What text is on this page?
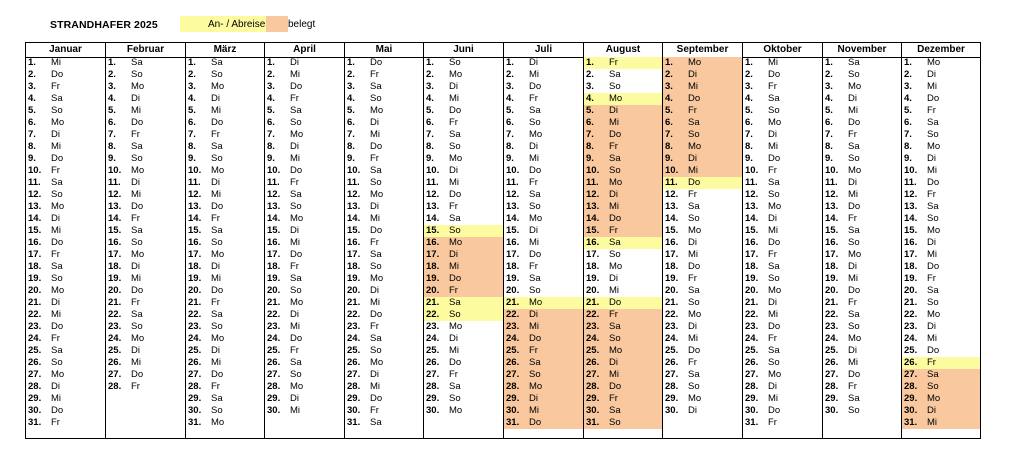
STRANDHAFER 2025	An- / Abreise belegt
Januar
1. Mi
2. Do
3. Fr
4. Sa
5. So
6. Mo
7. Di
8. Mi
9. Do
10. Fr
11. Sa
12. So
13. Mo
14. Di
15. Mi
16. Do
17. Fr
18. Sa
19. So
20. Mo
21. Di
22. Mi
23. Do
24. Fr
25. Sa
26. So
27. Mo
28. Di
29. Mi
30. Do
31. Fr
Februar
1. Sa
2. So
3. Mo
4. Di
5. Mi
6. Do
7. Fr
8. Sa
9. So
10. Mo
11. Di
12. Mi
13. Do
14. Fr
15. Sa
16. So
17. Mo
18. Di
19. Mi
20. Do
21. Fr
22. Sa
23. So
24. Mo
25. Di
26. Mi
27. Do
28. Fr
März
1. Sa
2. So
3. Mo
4. Di
5. Mi
6. Do
7. Fr
8. Sa
9. So
10. Mo
11. Di
12. Mi
13. Do
14. Fr
15. Sa
16. So
17. Mo
18. Di
19. Mi
20. Do
21. Fr
22. Sa
23. So
24. Mo
25. Di
26. Mi
27. Do
28. Fr
29. Sa
30. So
31. Mo
April
1. Di
2. Mi
3. Do
4. Fr
5. Sa
6. So
7. Mo
8. Di
9. Mi
10. Do
11. Fr
12. Sa
13. So
14. Mo
15. Di
16. Mi
17. Do
18. Fr
19. Sa
20. So
21. Mo
22. Di
23. Mi
24. Do
25. Fr
26. Sa
27. So
28. Mo
29. Di
30. Mi
Mai
1. Do
2. Fr
3. Sa
4. So
5. Mo
6. Di
7. Mi
8. Do
9. Fr
10. Sa
11. So
12. Mo
13. Di
14. Mi
15. Do
16. Fr
17. Sa
18. So
19. Mo
20. Di
21. Mi
22. Do
23. Fr
24. Sa
25. So
26. Mo
27. Di
28. Mi
29. Do
30. Fr
31. Sa
Juni
1. So
2. Mo
3. Di
4. Mi
5. Do
6. Fr
7. Sa
8. So
9. Mo
10. Di
11. Mi
12. Do
13. Fr
14. Sa
15. So
16. Mo
17. Di
18. Mi
19. Do
20. Fr
21. Sa
22. So
23. Mo
24. Di
25. Mi
26. Do
27. Fr
28. Sa
29. So
30. Mo
Juli
1. Di
2. Mi
3. Do
4. Fr
5. Sa
6. So
7. Mo
8. Di
9. Mi
10. Do
11. Fr
12. Sa
13. So
14. Mo
15. Di
16. Mi
17. Do
18. Fr
19. Sa
20. So
21. Mo
22. Di
23. Mi
24. Do
25. Fr
26. Sa
27. So
28. Mo
29. Di
30. Mi
31. Do
August
1. Fr
2. Sa
3. So
4. Mo
5. Di
6. Mi
7. Do
8. Fr
9. Sa
10. So
11. Mo
12. Di
13. Mi
14. Do
15. Fr
16. Sa
17. So
18. Mo
19. Di
20. Mi
21. Do
22. Fr
23. Sa
24. So
25. Mo
26. Di
27. Mi
28. Do
29. Fr
30. Sa
31. So
September
1. Mo
2. Di
3. Mi
4. Do
5. Fr
6. Sa
7. So
8. Mo
9. Di
10. Mi
11. Do
12. Fr
13. Sa
14. So
15. Mo
16. Di
17. Mi
18. Do
19. Fr
20. Sa
21. So
22. Mo
23. Di
24. Mi
25. Do
26. Fr
27. Sa
28. So
29. Mo
30. Di
Oktober
1. Mi
2. Do
3. Fr
4. Sa
5. So
6. Mo
7. Di
8. Mi
9. Do
10. Fr
11. Sa
12. So
13. Mo
14. Di
15. Mi
16. Do
17. Fr
18. Sa
19. So
20. Mo
21. Di
22. Mi
23. Do
24. Fr
25. Sa
26. So
27. Mo
28. Di
29. Mi
30. Do
31. Fr
November
1. Sa
2. So
3. Mo
4. Di
5. Mi
6. Do
7. Fr
8. Sa
9. So
10. Mo
11. Di
12. Mi
13. Do
14. Fr
15. Sa
16. So
17. Mo
18. Di
19. Mi
20. Do
21. Fr
22. Sa
23. So
24. Mo
25. Di
26. Mi
27. Do
28. Fr
29. Sa
30. So
Dezember
1. Mo
2. Di
3. Mi
4. Do
5. Fr
6. Sa
7. So
8. Mo
9. Di
10. Mi
11. Do
12. Fr
13. Sa
14. So
15. Mo
16. Di
17. Mi
18. Do
19. Fr
20. Sa
21. So
22. Mo
23. Di
24. Mi
25. Do
26. Fr
27. Sa
28. So
29. Mo
30. Di
31. Mi
